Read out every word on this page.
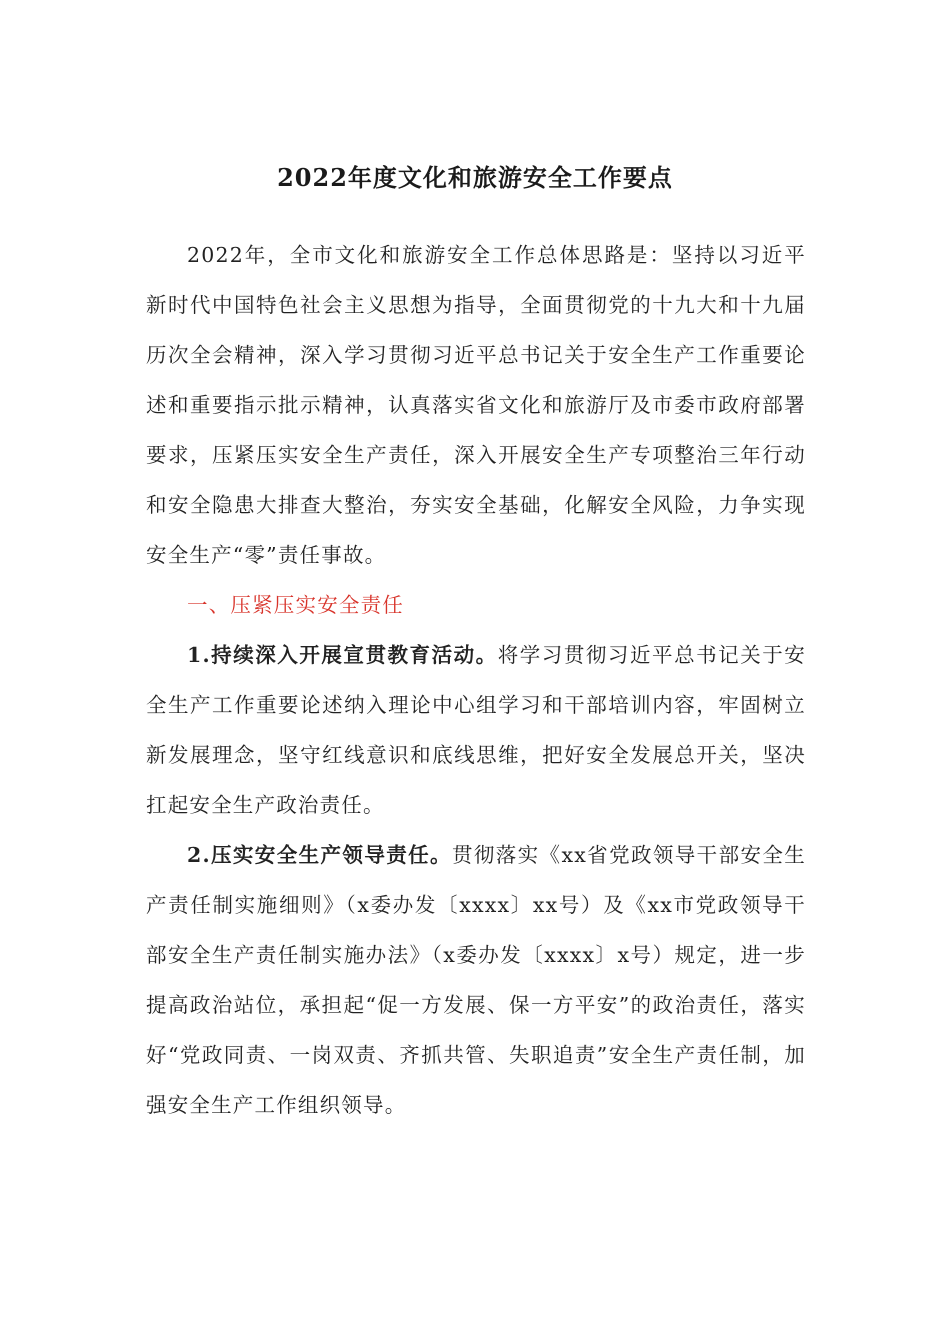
2022年度文化和旅游安全工作要点

2022年，全市文化和旅游安全工作总体思路是：坚持以习近平新时代中国特色社会主义思想为指导，全面贯彻党的十九大和十九届历次全会精神，深入学习贯彻习近平总书记关于安全生产工作重要论述和重要指示批示精神，认真落实省文化和旅游厅及市委市政府部署要求，压紧压实安全生产责任，深入开展安全生产专项整治三年行动和安全隐患大排查大整治，夯实安全基础，化解安全风险，力争实现安全生产“零”责任事故。

一、压紧压实安全责任

1.持续深入开展宣贯教育活动。将学习贯彻习近平总书记关于安全生产工作重要论述纳入理论中心组学习和干部培训内容，牢固树立新发展理念，坚守红线意识和底线思维，把好安全发展总开关，坚决扛起安全生产政治责任。

2.压实安全生产领导责任。贯彻落实《xx省党政领导干部安全生产责任制实施细则》（x委办发〔xxxx〕xx号）及《xx市党政领导干部安全生产责任制实施办法》（x委办发〔xxxx〕x号）规定，进一步提高政治站位，承担起“促一方发展、保一方平安”的政治责任，落实好“党政同责、一岗双责、齐抓共管、失职追责”安全生产责任制，加强安全生产工作组织领导。
